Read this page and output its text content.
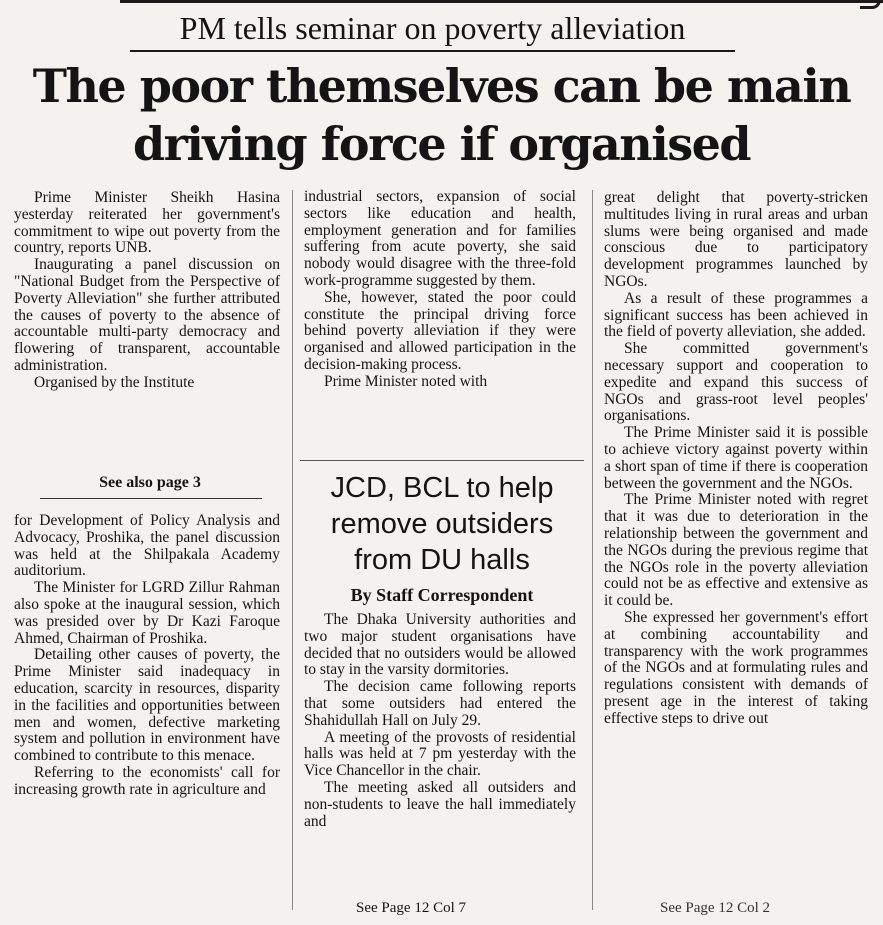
PM tells seminar on poverty alleviation
The poor themselves can be main
driving force if organised

Prime Minister Sheikh Hasina yesterday reiterated her government's commitment to wipe out poverty from the country, reports UNB.

Inaugurating a panel discussion on "National Budget from the Perspective of Poverty Alleviation" she further attributed the causes of poverty to the absence of accountable multi-party democracy and flowering of transparent, accountable administration.

Organised by the Institute

See also page 3

for Development of Policy Analysis and Advocacy, Proshika, the panel discussion was held at the Shilpakala Academy auditorium.

The Minister for LGRD Zillur Rahman also spoke at the inaugural session, which was presided over by Dr Kazi Faroque Ahmed, Chairman of Proshika.

Detailing other causes of poverty, the Prime Minister said inadequacy in education, scarcity in resources, disparity in the facilities and opportunities between men and women, defective marketing system and pollution in environment have combined to contribute to this menace.

Referring to the economists' call for increasing growth rate in agriculture and

industrial sectors, expansion of social sectors like education and health, employment generation and for families suffering from acute poverty, she said nobody would disagree with the three-fold work-programme suggested by them.

She, however, stated the poor could constitute the principal driving force behind poverty alleviation if they were organised and allowed participation in the decision-making process.

Prime Minister noted with

JCD, BCL to help remove outsiders from DU halls
By Staff Correspondent

The Dhaka University authorities and two major student organisations have decided that no outsiders would be allowed to stay in the varsity dormitories.

The decision came following reports that some outsiders had entered the Shahidullah Hall on July 29.

A meeting of the provosts of residential halls was held at 7 pm yesterday with the Vice Chancellor in the chair.

The meeting asked all outsiders and non-students to leave the hall immediately and

great delight that poverty-stricken multitudes living in rural areas and urban slums were being organised and made conscious due to participatory development programmes launched by NGOs.

As a result of these programmes a significant success has been achieved in the field of poverty alleviation, she added.

She committed government's necessary support and cooperation to expedite and expand this success of NGOs and grass-root level peoples' organisations.

The Prime Minister said it is possible to achieve victory against poverty within a short span of time if there is cooperation between the government and the NGOs.

The Prime Minister noted with regret that it was due to deterioration in the relationship between the government and the NGOs during the previous regime that the NGOs role in the poverty alleviation could not be as effective and extensive as it could be.

She expressed her government's effort at combining accountability and transparency with the work programmes of the NGOs and at formulating rules and regulations consistent with demands of present age in the interest of taking effective steps to drive out

See Page 12 Col 7	See Page 12 Col 2
